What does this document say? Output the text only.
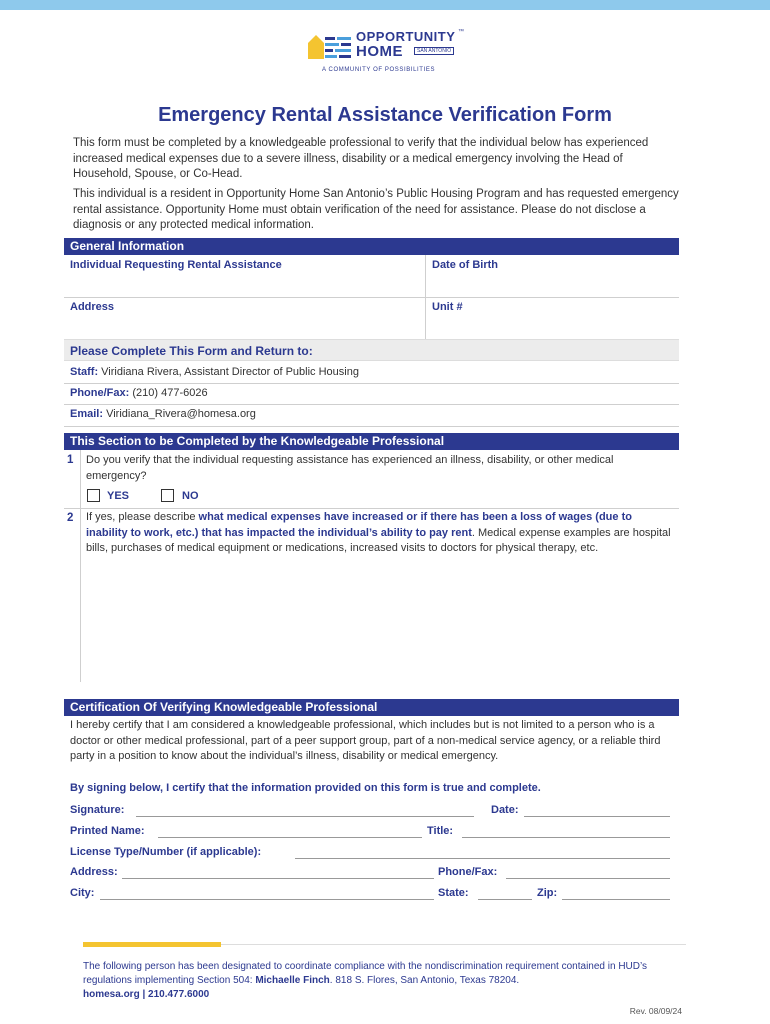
OPPORTUNITY ™
HOME	SAN ANTONIO
A COMMUNITY OF POSSIBILITIES
Emergency Rental Assistance Verification Form

This form must be completed by a knowledgeable professional to verify that the individual below has experienced increased medical expenses due to a severe illness, disability or a medical emergency involving the Head of Household, Spouse, or Co-Head.

This individual is a resident in Opportunity Home San Antonio’s Public Housing Program and has requested emergency rental assistance. Opportunity Home must obtain verification of the need for assistance. Please do not disclose a diagnosis or any protected medical information.

General Information
Individual Requesting Rental Assistance	Date of Birth
Address	Unit #
Please Complete This Form and Return to:
Staff: Viridiana Rivera, Assistant Director of Public Housing
Phone/Fax: (210) 477-6026
Email: Viridiana_Rivera@homesa.org
This Section to be Completed by the Knowledgeable Professional
1 Do you verify that the individual requesting assistance has experienced an illness, disability, or other medical emergency?
YES	NO
2 If yes, please describe what medical expenses have increased or if there has been a loss of wages (due to inability to work, etc.) that has impacted the individual’s ability to pay rent. Medical expense examples are hospital bills, purchases of medical equipment or medications, increased visits to doctors for physical therapy, etc.
Certification Of Verifying Knowledgeable Professional
I hereby certify that I am considered a knowledgeable professional, which includes but is not limited to a person who is a doctor or other medical professional, part of a peer support group, part of a non-medical service agency, or a reliable third party in a position to know about the individual’s illness, disability or medical emergency.
By signing below, I certify that the information provided on this form is true and complete.
Signature:	Date:
Printed Name:	Title:
License Type/Number (if applicable):
Address:	Phone/Fax:
City:	State:	Zip:
The following person has been designated to coordinate compliance with the nondiscrimination requirement contained in HUD’s regulations implementing Section 504: Michaelle Finch. 818 S. Flores, San Antonio, Texas 78204.
homesa.org | 210.477.6000
Rev. 08/09/24
